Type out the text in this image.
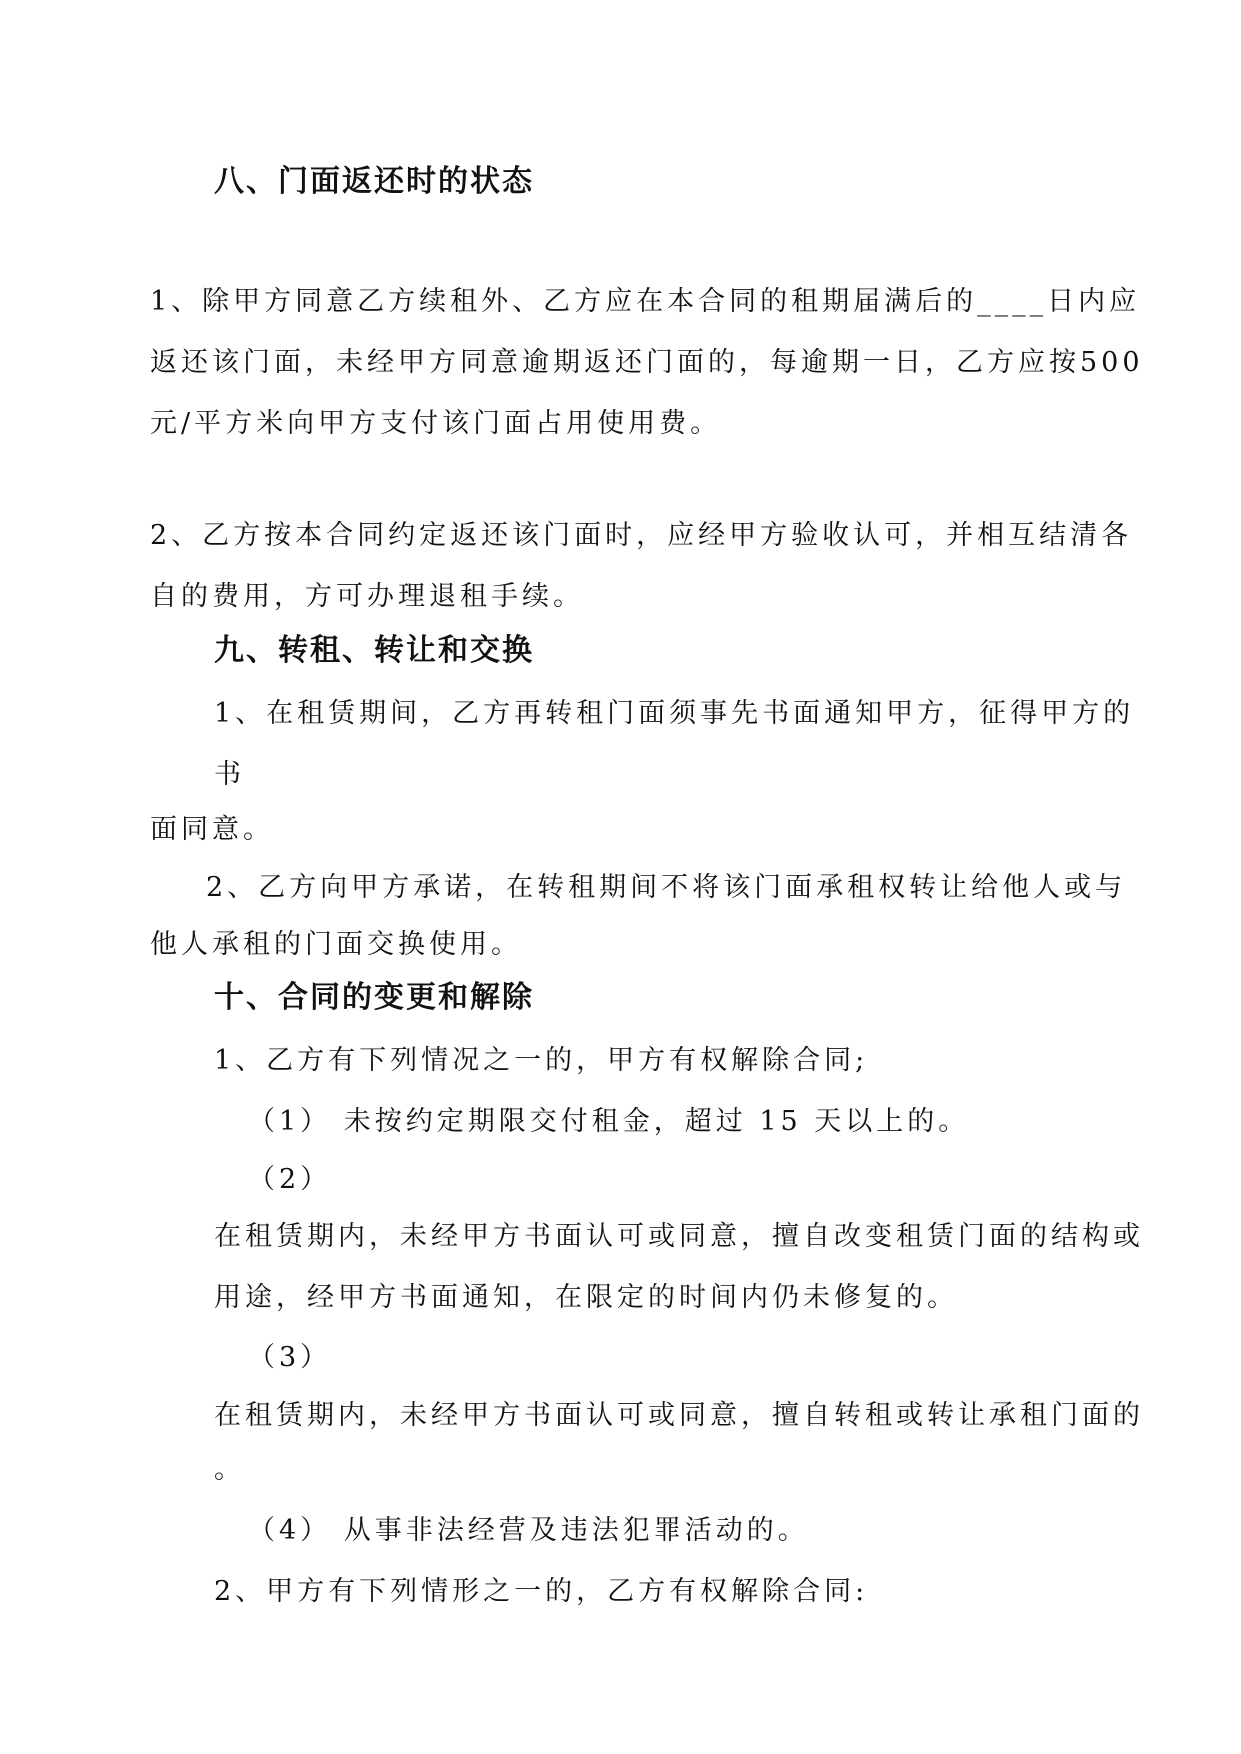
八、门面返还时的状态
1、除甲方同意乙方续租外、乙方应在本合同的租期届满后的____日内应
返还该门面，未经甲方同意逾期返还门面的，每逾期一日，乙方应按500
元/平方米向甲方支付该门面占用使用费。
2、乙方按本合同约定返还该门面时，应经甲方验收认可，并相互结清各
自的费用，方可办理退租手续。
九、转租、转让和交换
1、在租赁期间，乙方再转租门面须事先书面通知甲方，征得甲方的
书
面同意。
2、乙方向甲方承诺，在转租期间不将该门面承租权转让给他人或与
他人承租的门面交换使用。
十、合同的变更和解除
1、乙方有下列情况之一的，甲方有权解除合同;
（1） 未按约定期限交付租金，超过 15 天以上的。
（2）
在租赁期内，未经甲方书面认可或同意，擅自改变租赁门面的结构或
用途，经甲方书面通知，在限定的时间内仍未修复的。
（3）
在租赁期内，未经甲方书面认可或同意，擅自转租或转让承租门面的
。
（4） 从事非法经营及违法犯罪活动的。
2、甲方有下列情形之一的，乙方有权解除合同:
